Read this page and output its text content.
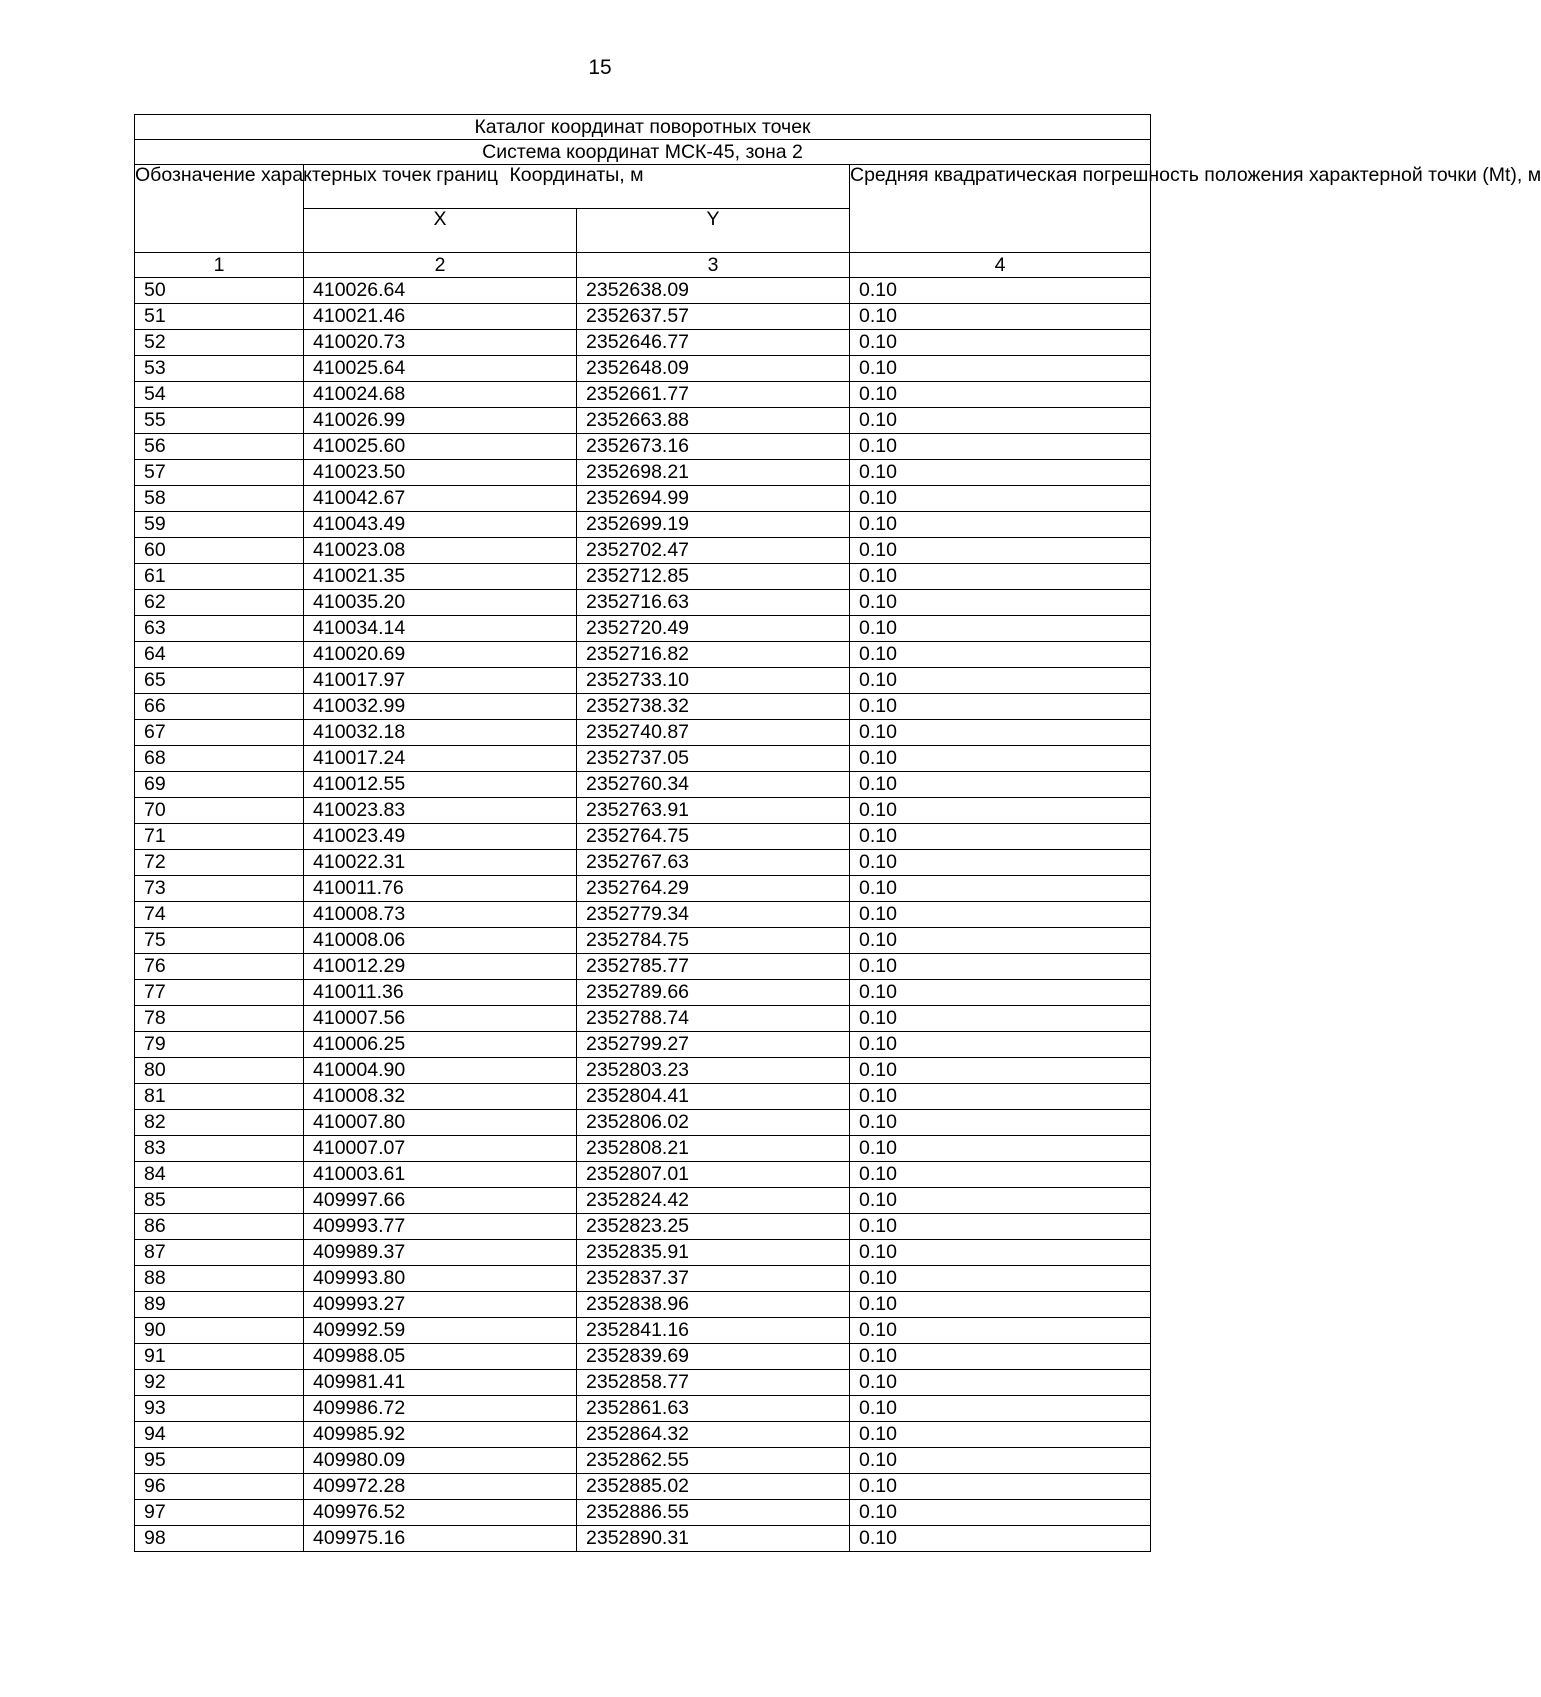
15
Каталог координат поворотных точек			
Система координат МСК-45, зона 2			
Обозначение характерных точек границ	Координаты, м		Средняя квадратическая погрешность положения характерной точки (Mt), м
	X	Y	
1	2	3	4
50	410026.64	2352638.09	0.10
51	410021.46	2352637.57	0.10
52	410020.73	2352646.77	0.10
53	410025.64	2352648.09	0.10
54	410024.68	2352661.77	0.10
55	410026.99	2352663.88	0.10
56	410025.60	2352673.16	0.10
57	410023.50	2352698.21	0.10
58	410042.67	2352694.99	0.10
59	410043.49	2352699.19	0.10
60	410023.08	2352702.47	0.10
61	410021.35	2352712.85	0.10
62	410035.20	2352716.63	0.10
63	410034.14	2352720.49	0.10
64	410020.69	2352716.82	0.10
65	410017.97	2352733.10	0.10
66	410032.99	2352738.32	0.10
67	410032.18	2352740.87	0.10
68	410017.24	2352737.05	0.10
69	410012.55	2352760.34	0.10
70	410023.83	2352763.91	0.10
71	410023.49	2352764.75	0.10
72	410022.31	2352767.63	0.10
73	410011.76	2352764.29	0.10
74	410008.73	2352779.34	0.10
75	410008.06	2352784.75	0.10
76	410012.29	2352785.77	0.10
77	410011.36	2352789.66	0.10
78	410007.56	2352788.74	0.10
79	410006.25	2352799.27	0.10
80	410004.90	2352803.23	0.10
81	410008.32	2352804.41	0.10
82	410007.80	2352806.02	0.10
83	410007.07	2352808.21	0.10
84	410003.61	2352807.01	0.10
85	409997.66	2352824.42	0.10
86	409993.77	2352823.25	0.10
87	409989.37	2352835.91	0.10
88	409993.80	2352837.37	0.10
89	409993.27	2352838.96	0.10
90	409992.59	2352841.16	0.10
91	409988.05	2352839.69	0.10
92	409981.41	2352858.77	0.10
93	409986.72	2352861.63	0.10
94	409985.92	2352864.32	0.10
95	409980.09	2352862.55	0.10
96	409972.28	2352885.02	0.10
97	409976.52	2352886.55	0.10
98	409975.16	2352890.31	0.10
